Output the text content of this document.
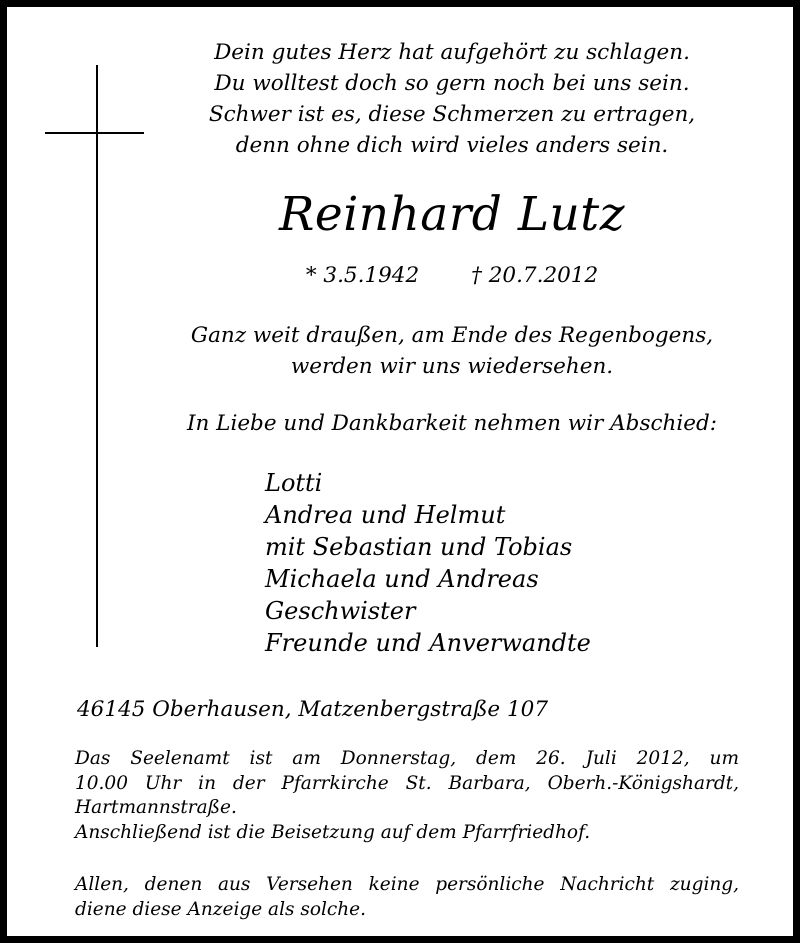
Dein gutes Herz hat aufgehört zu schlagen.
Du wolltest doch so gern noch bei uns sein.
Schwer ist es, diese Schmerzen zu ertragen,
denn ohne dich wird vieles anders sein.
Reinhard Lutz
* 3.5.1942 † 20.7.2012
Ganz weit draußen, am Ende des Regenbogens,
werden wir uns wiedersehen.
In Liebe und Dankbarkeit nehmen wir Abschied:
Lotti
Andrea und Helmut
mit Sebastian und Tobias
Michaela und Andreas
Geschwister
Freunde und Anverwandte
46145 Oberhausen, Matzenbergstraße 107
Das Seelenamt ist am Donnerstag, dem 26. Juli 2012, um
10.00 Uhr in der Pfarrkirche St. Barbara, Oberh.-Königshardt,
Hartmannstraße.
Anschließend ist die Beisetzung auf dem Pfarrfriedhof.
Allen, denen aus Versehen keine persönliche Nachricht zuging,
diene diese Anzeige als solche.
